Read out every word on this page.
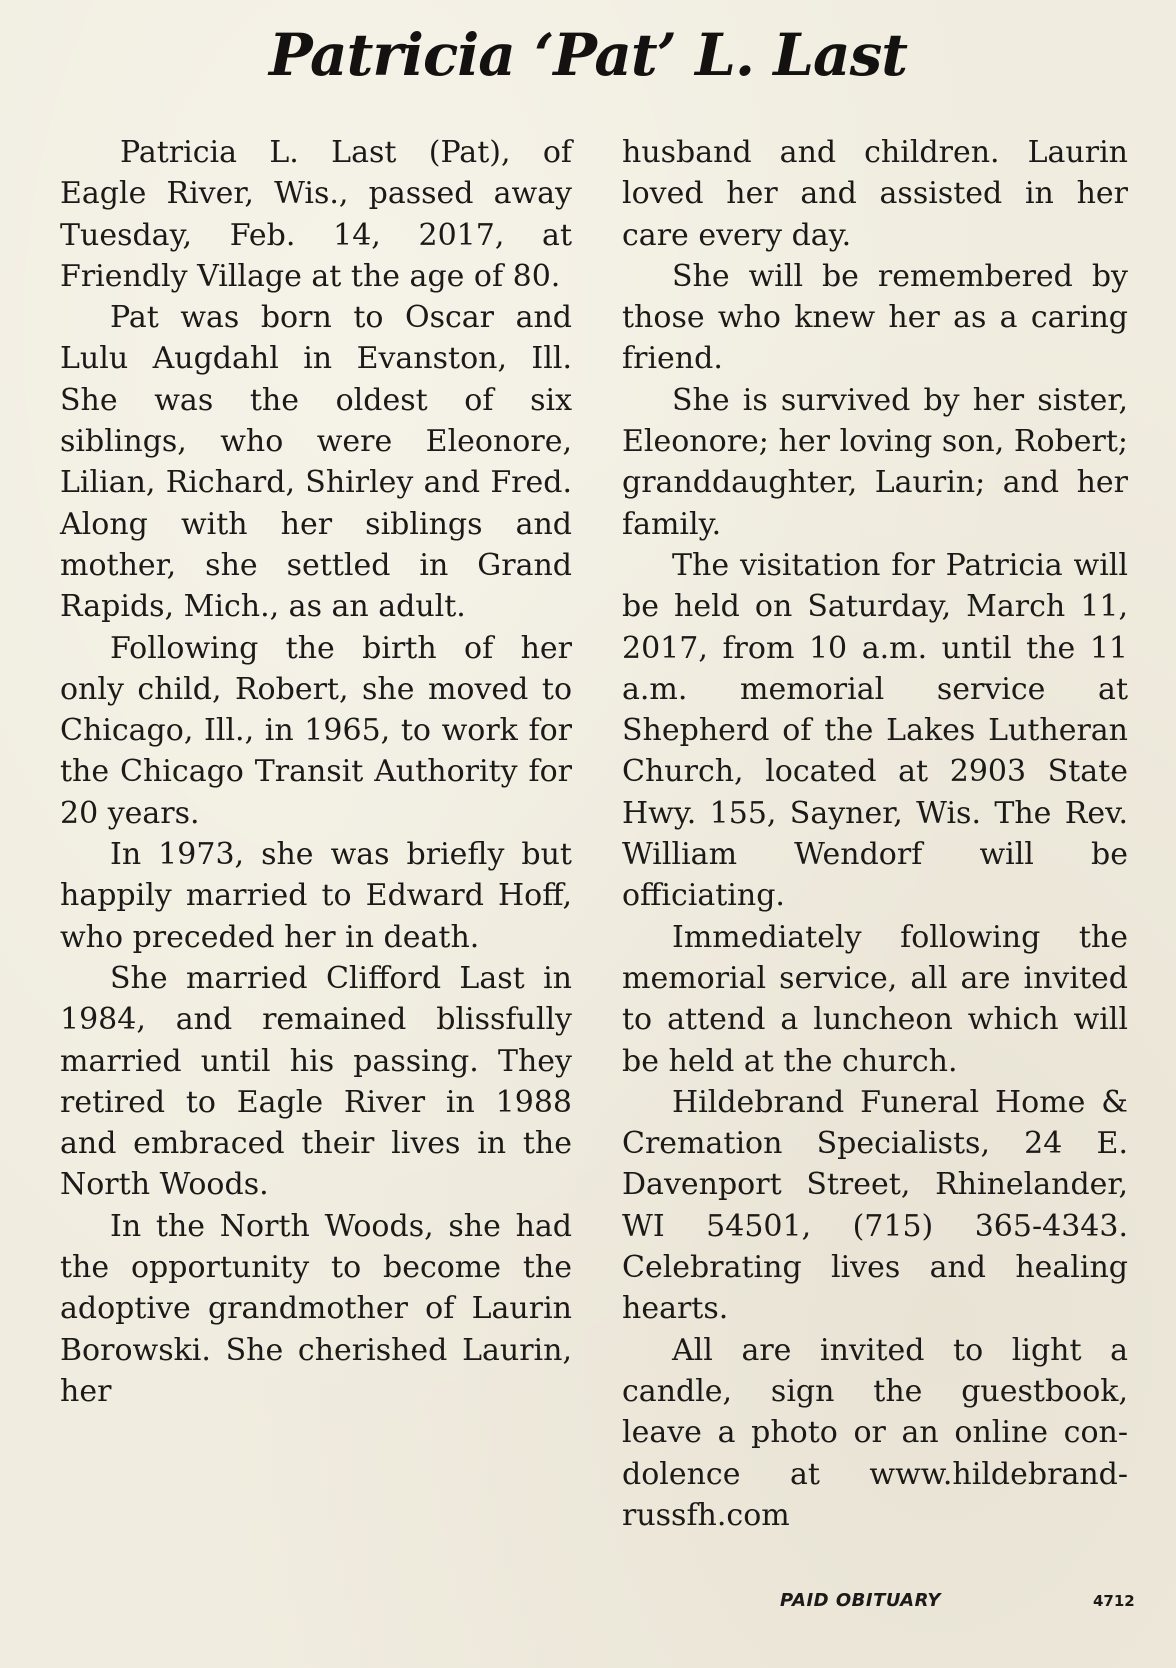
Patricia ‘Pat’ L. Last

Patricia L. Last (Pat), of Eagle River, Wis., passed away Tuesday, Feb. 14, 2017, at Friendly Village at the age of 80.

Pat was born to Oscar and Lulu Augdahl in Evanston, Ill. She was the oldest of six siblings, who were Eleonore, Lilian, Richard, Shirley and Fred. Along with her siblings and mother, she settled in Grand Rapids, Mich., as an adult.

Following the birth of her only child, Robert, she moved to Chicago, Ill., in 1965, to work for the Chicago Transit Authority for 20 years.

In 1973, she was briefly but happily married to Edward Hoff, who preceded her in death.

She married Clifford Last in 1984, and remained blissfully married until his passing. They retired to Eagle River in 1988 and embraced their lives in the North Woods.

In the North Woods, she had the opportunity to become the adoptive grandmother of Laurin Borowski. She cherished Laurin, her

husband and children. Laurin loved her and assisted in her care every day.

She will be remembered by those who knew her as a caring friend.

She is survived by her sister, Eleonore; her loving son, Robert; granddaughter, Laurin; and her family.

The visitation for Patricia will be held on Saturday, March 11, 2017, from 10 a.m. until the 11 a.m. memorial service at Shepherd of the Lakes Lutheran Church, located at 2903 State Hwy. 155, Sayner, Wis. The Rev. William Wendorf will be officiating.

Immediately following the memorial service, all are invited to attend a luncheon which will be held at the church.

Hildebrand Funeral Home & Cremation Specialists, 24 E. Davenport Street, Rhinelander, WI 54501, (715) 365-4343. Celebrating lives and healing hearts.

All are invited to light a candle, sign the guestbook, leave a photo or an online condolence at www.hildebrandrussfh.com

PAID OBITUARY	4712
